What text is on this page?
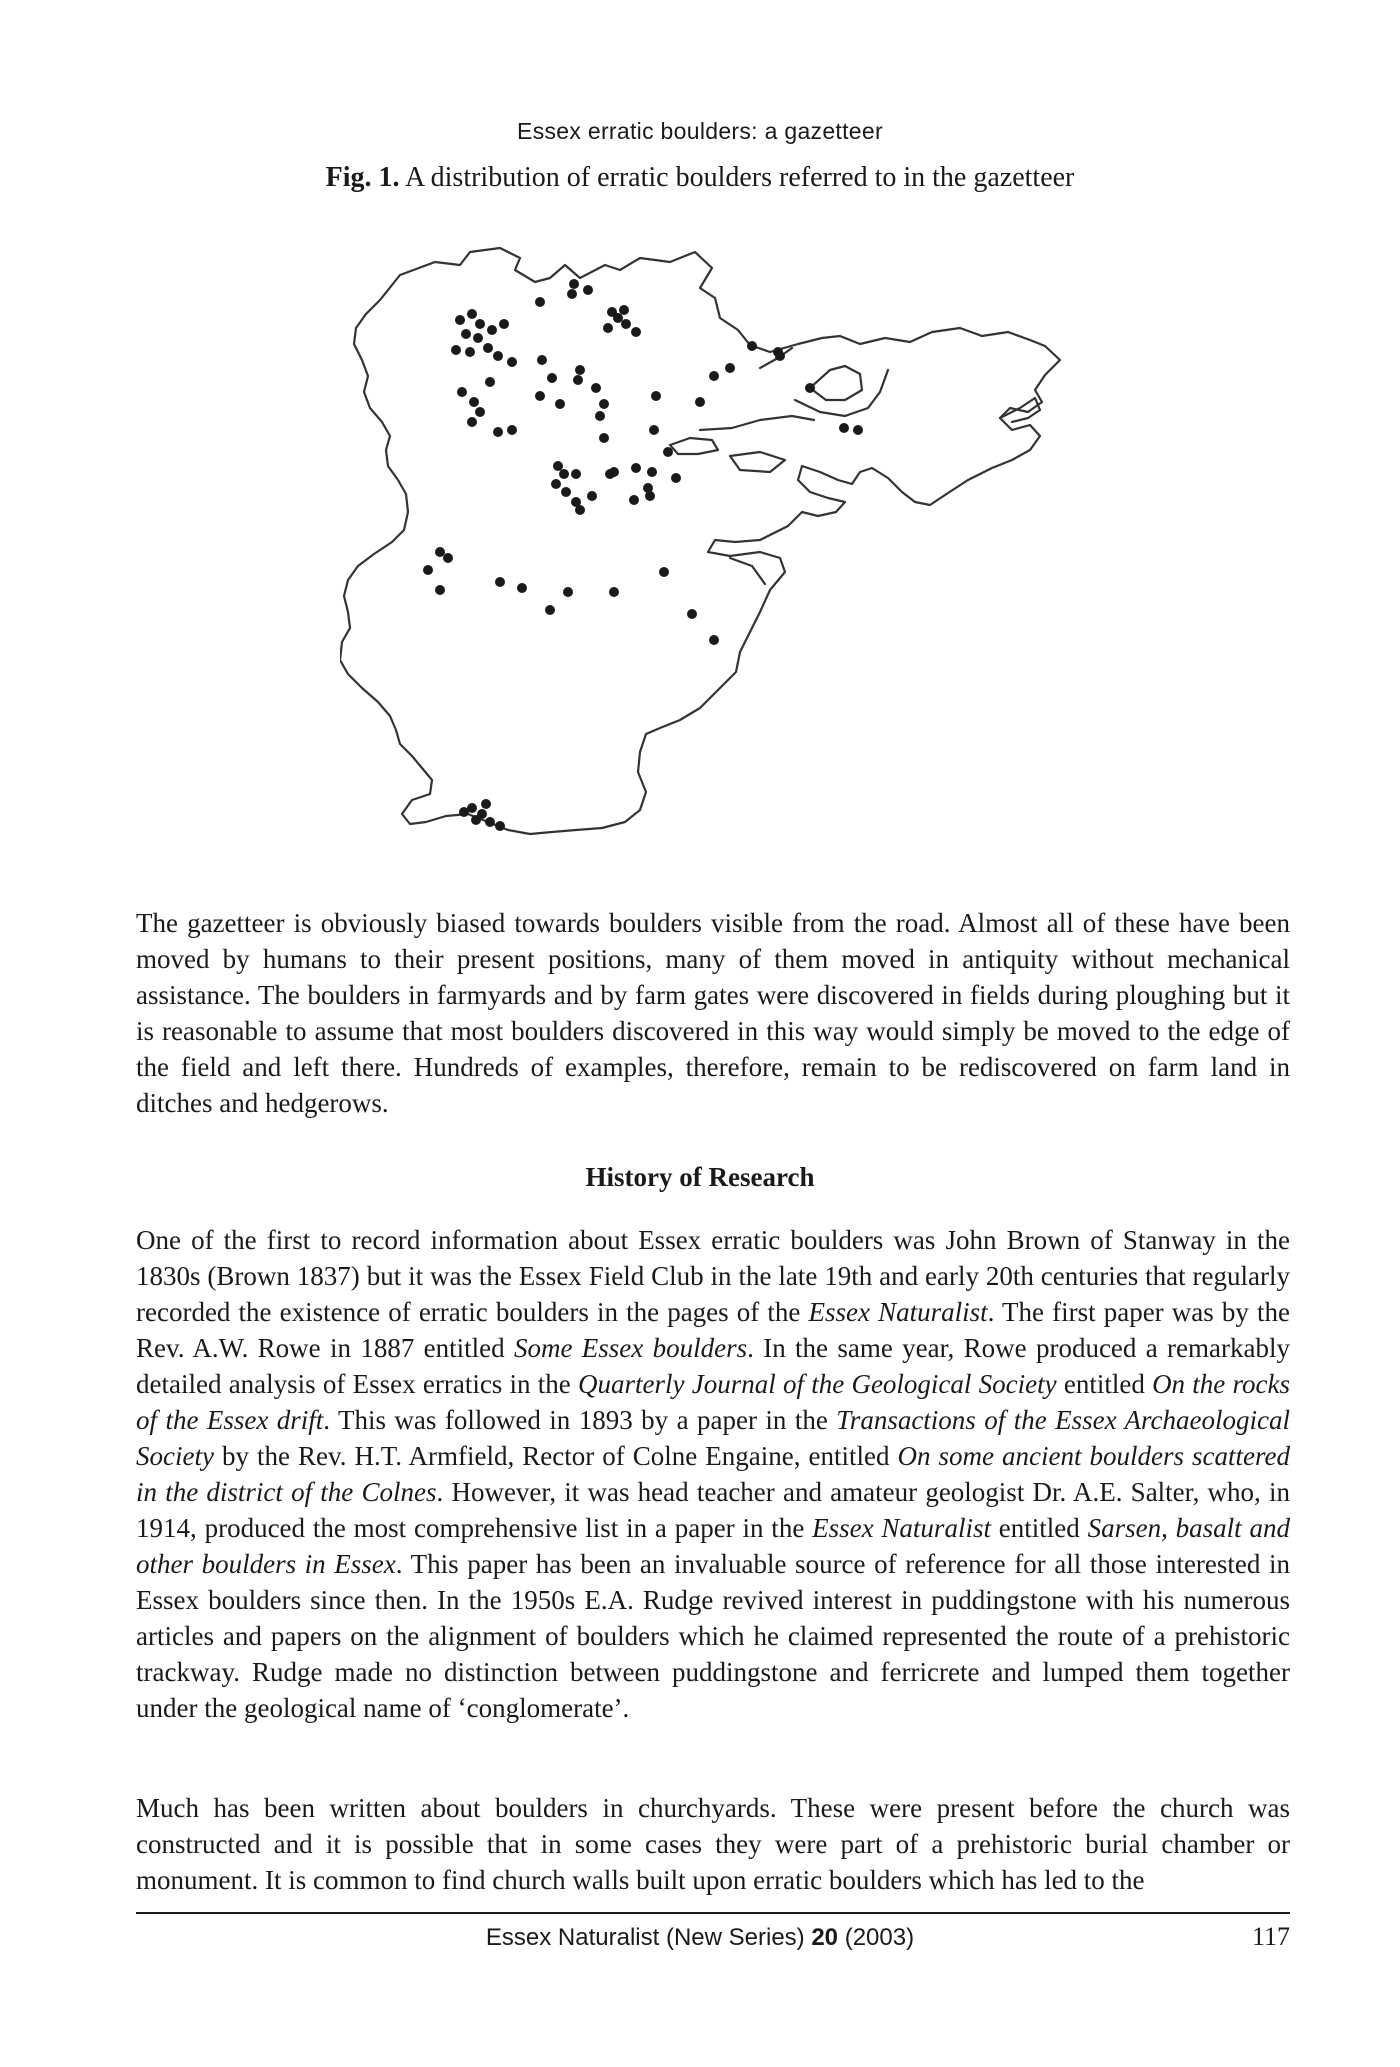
Essex erratic boulders: a gazetteer
Fig. 1. A distribution of erratic boulders referred to in the gazetteer

The gazetteer is obviously biased towards boulders visible from the road. Almost all of these have been moved by humans to their present positions, many of them moved in antiquity without mechanical assistance. The boulders in farmyards and by farm gates were discovered in fields during ploughing but it is reasonable to assume that most boulders discovered in this way would simply be moved to the edge of the field and left there. Hundreds of examples, therefore, remain to be rediscovered on farm land in ditches and hedgerows.

History of Research

One of the first to record information about Essex erratic boulders was John Brown of Stanway in the 1830s (Brown 1837) but it was the Essex Field Club in the late 19th and early 20th centuries that regularly recorded the existence of erratic boulders in the pages of the Essex Naturalist. The first paper was by the Rev. A.W. Rowe in 1887 entitled Some Essex boulders. In the same year, Rowe produced a remarkably detailed analysis of Essex erratics in the Quarterly Journal of the Geological Society entitled On the rocks of the Essex drift. This was followed in 1893 by a paper in the Transactions of the Essex Archaeological Society by the Rev. H.T. Armfield, Rector of Colne Engaine, entitled On some ancient boulders scattered in the district of the Colnes. However, it was head teacher and amateur geologist Dr. A.E. Salter, who, in 1914, produced the most comprehensive list in a paper in the Essex Naturalist entitled Sarsen, basalt and other boulders in Essex. This paper has been an invaluable source of reference for all those interested in Essex boulders since then. In the 1950s E.A. Rudge revived interest in puddingstone with his numerous articles and papers on the alignment of boulders which he claimed represented the route of a prehistoric trackway. Rudge made no distinction between puddingstone and ferricrete and lumped them together under the geological name of ‘conglomerate’.

Much has been written about boulders in churchyards. These were present before the church was constructed and it is possible that in some cases they were part of a prehistoric burial chamber or monument. It is common to find church walls built upon erratic boulders which has led to the

Essex Naturalist (New Series) 20 (2003)	117
